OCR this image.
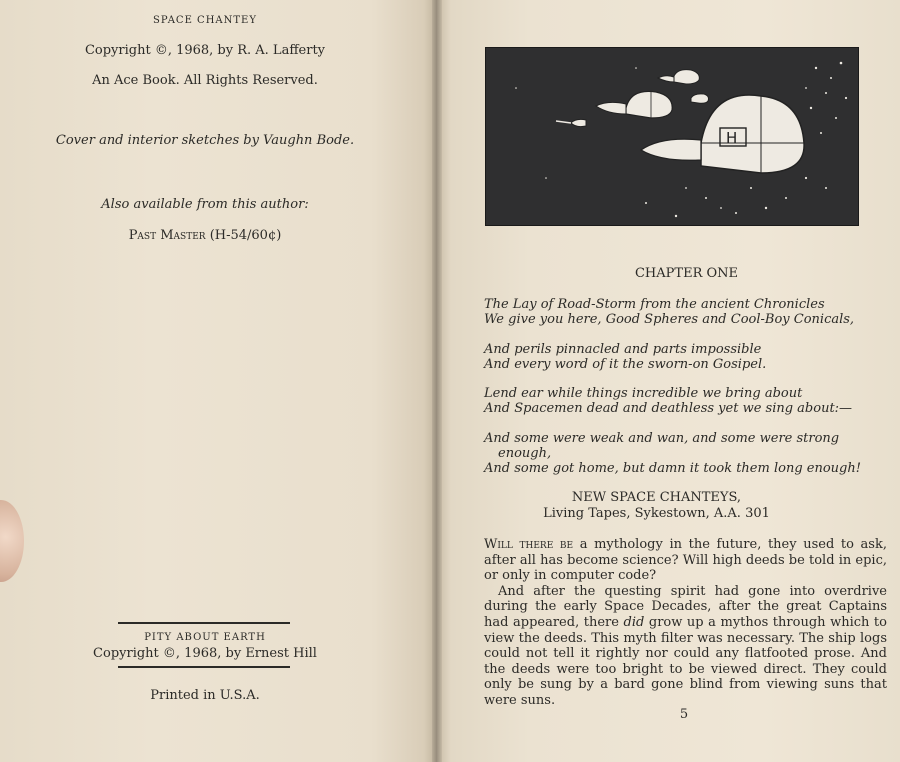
SPACE CHANTEY
Copyright ©, 1968, by R. A. Lafferty
An Ace Book. All Rights Reserved.
Cover and interior sketches by Vaughn Bode.
Also available from this author:
Past Master (H-54/60¢)
PITY ABOUT EARTH
Copyright ©, 1968, by Ernest Hill
Printed in U.S.A.
H
CHAPTER ONE
The Lay of Road-Storm from the ancient Chronicles
We give you here, Good Spheres and Cool-Boy Conicals,
And perils pinnacled and parts impossible
And every word of it the sworn-on Gosipel.
Lend ear while things incredible we bring about
And Spacemen dead and deathless yet we sing about:—
And some were weak and wan, and some were strong
enough,
And some got home, but damn it took them long enough!
NEW SPACE CHANTEYS,
Living Tapes, Sykestown, A.A. 301

Will there be a mythology in the future, they used to ask, after all has become science? Will high deeds be told in epic, or only in computer code?

And after the questing spirit had gone into overdrive during the early Space Decades, after the great Captains had appeared, there did grow up a mythos through which to view the deeds. This myth filter was necessary. The ship logs could not tell it rightly nor could any flatfooted prose. And the deeds were too bright to be viewed direct. They could only be sung by a bard gone blind from viewing suns that were suns.

5
